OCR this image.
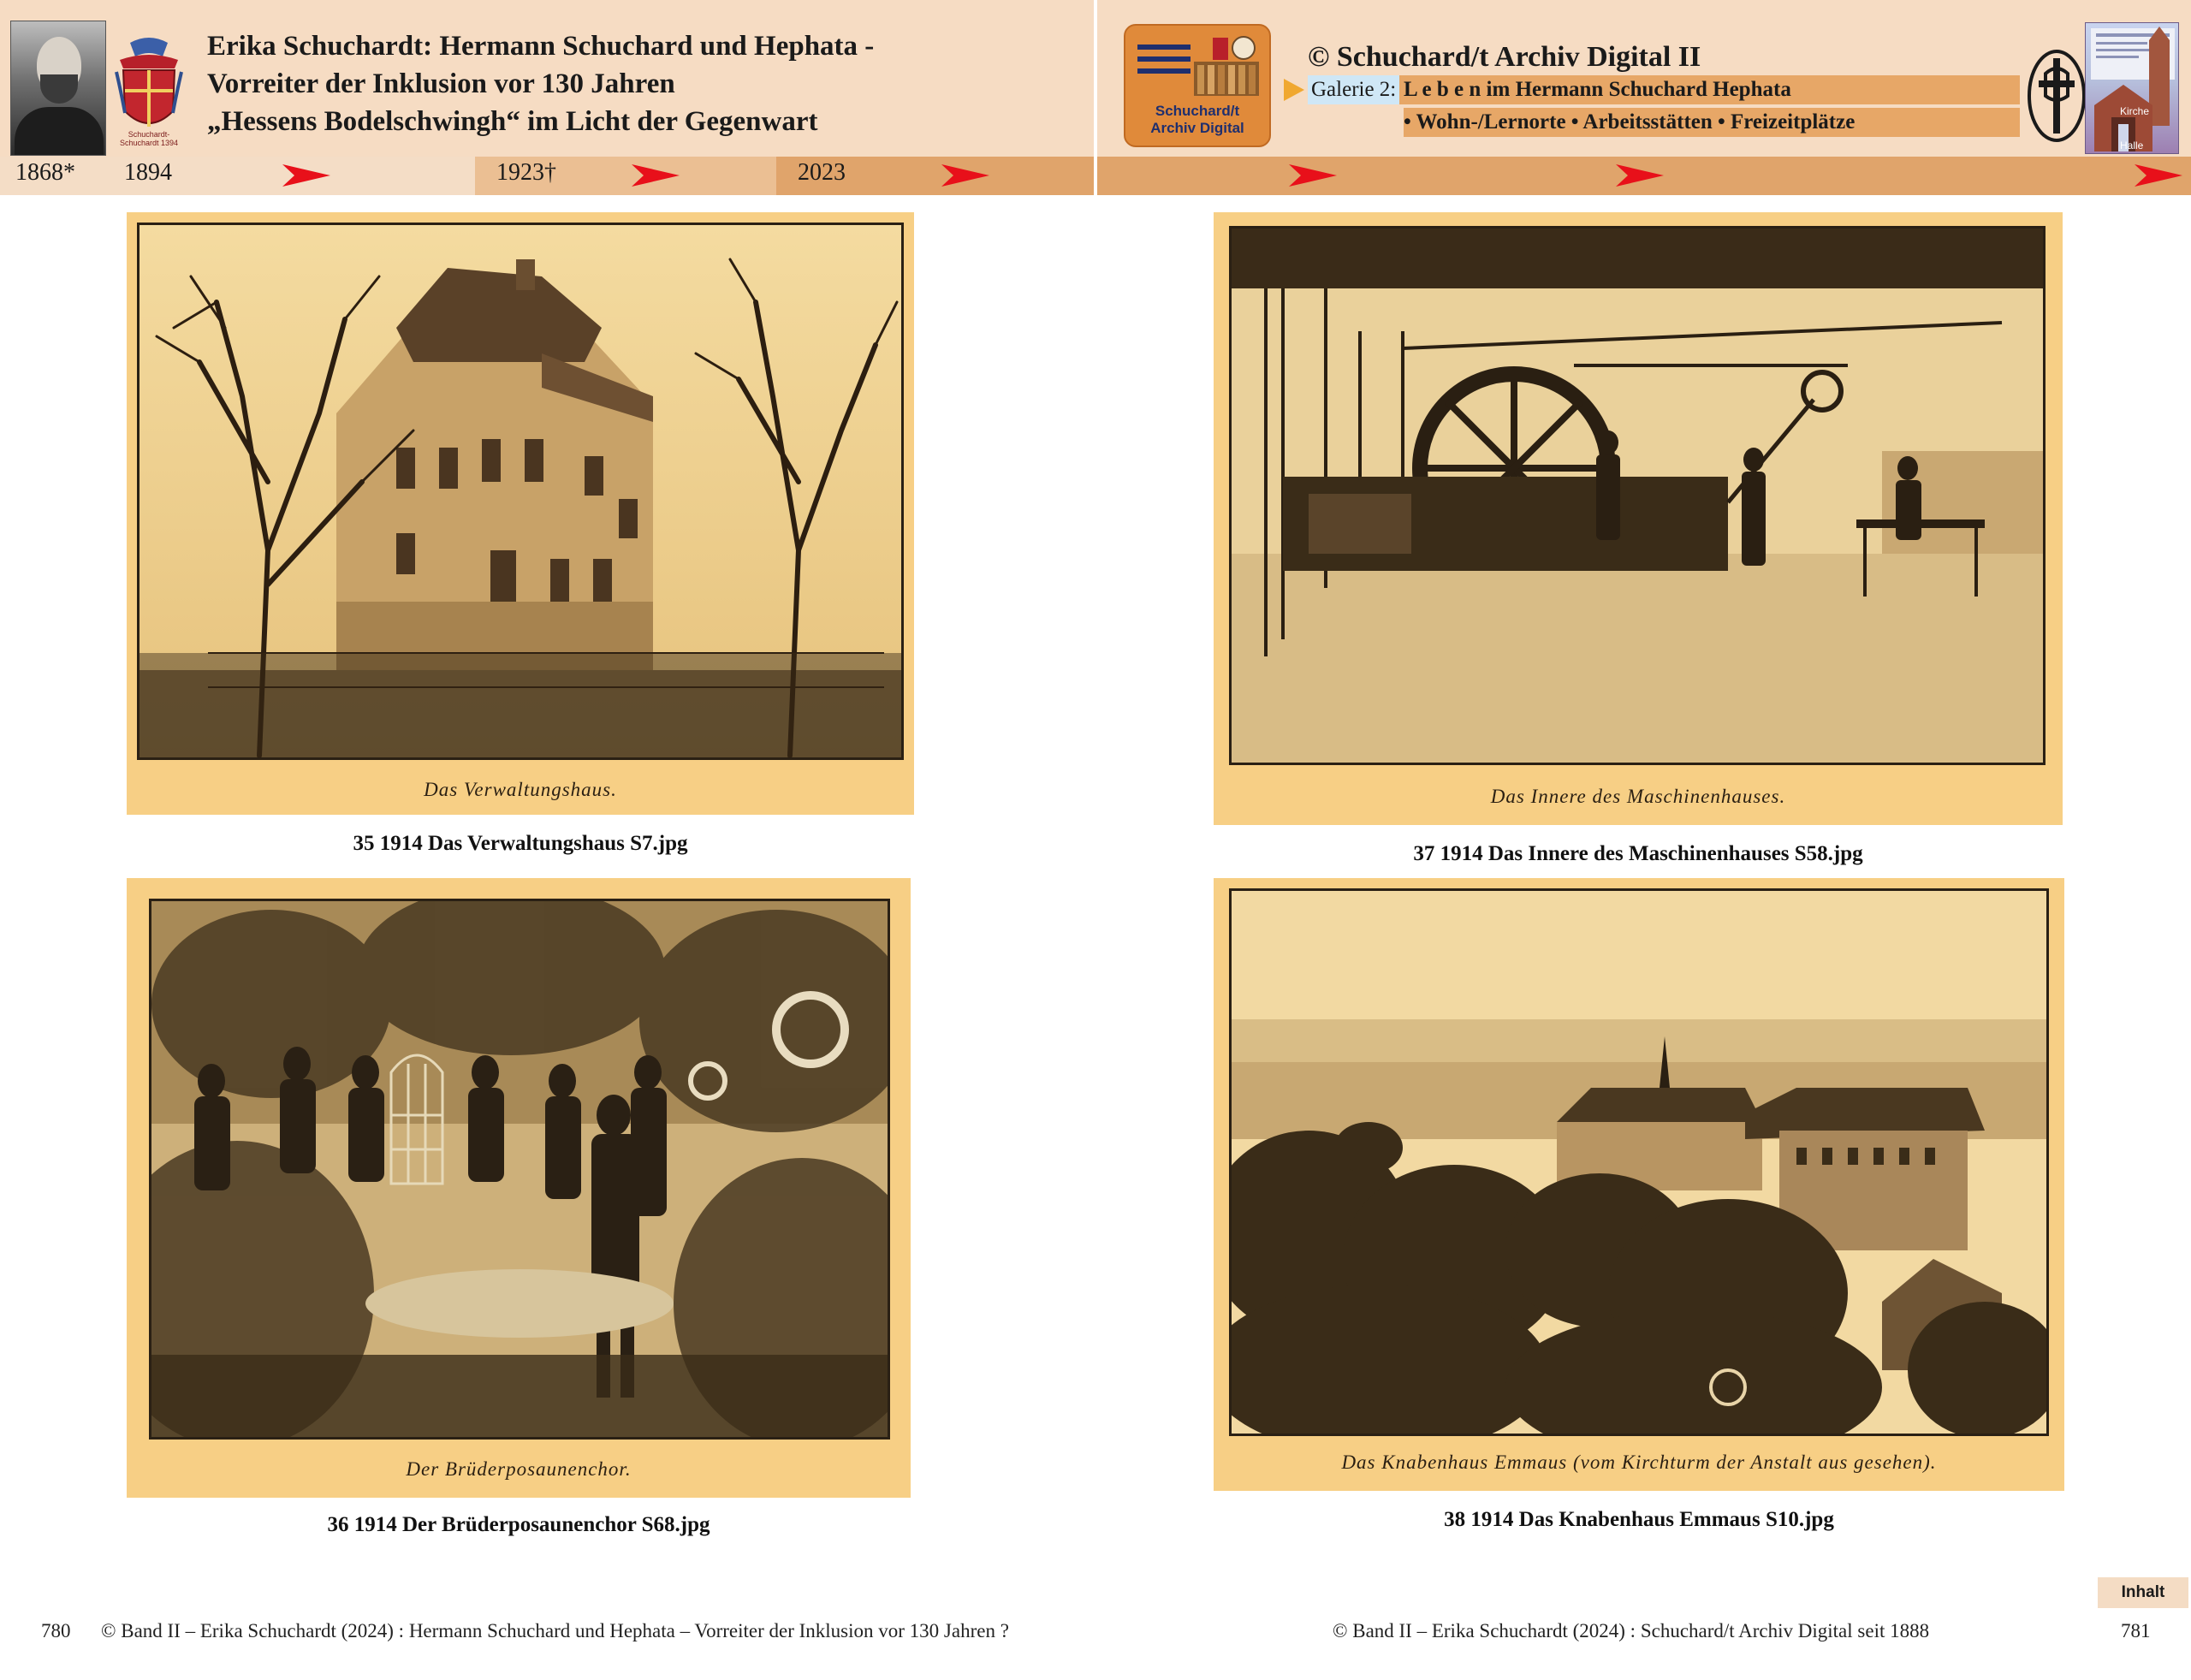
Schuchardt-Schuchardt 1394
Erika Schuchardt: Hermann Schuchard und Hephata -
Vorreiter der Inklusion vor 130 Jahren
„Hessens Bodelschwingh“ im Licht der Gegenwart
1868* 1894	1923†	2023
Schuchard/t
Archiv Digital
© Schuchard/t Archiv Digital II
Galerie 2: L e b e n im Hermann Schuchard Hephata
• Wohn-/Lernorte • Arbeitsstätten • Freizeitplätze	Kirche
Halle
Das Verwaltungshaus.
35 1914 Das Verwaltungshaus S7.jpg
Der Brüderposaunenchor.
36 1914 Der Brüderposaunenchor S68.jpg
Das Innere des Maschinenhauses.
37 1914 Das Innere des Maschinenhauses S58.jpg
Das Knabenhaus Emmaus (vom Kirchturm der Anstalt aus gesehen).
38 1914 Das Knabenhaus Emmaus S10.jpg
Inhalt
780 © Band II – Erika Schuchardt (2024) : Hermann Schuchard und Hephata – Vorreiter der Inklusion vor 130 Jahren ?	© Band II – Erika Schuchardt (2024) : Schuchard/t Archiv Digital seit 1888	781
